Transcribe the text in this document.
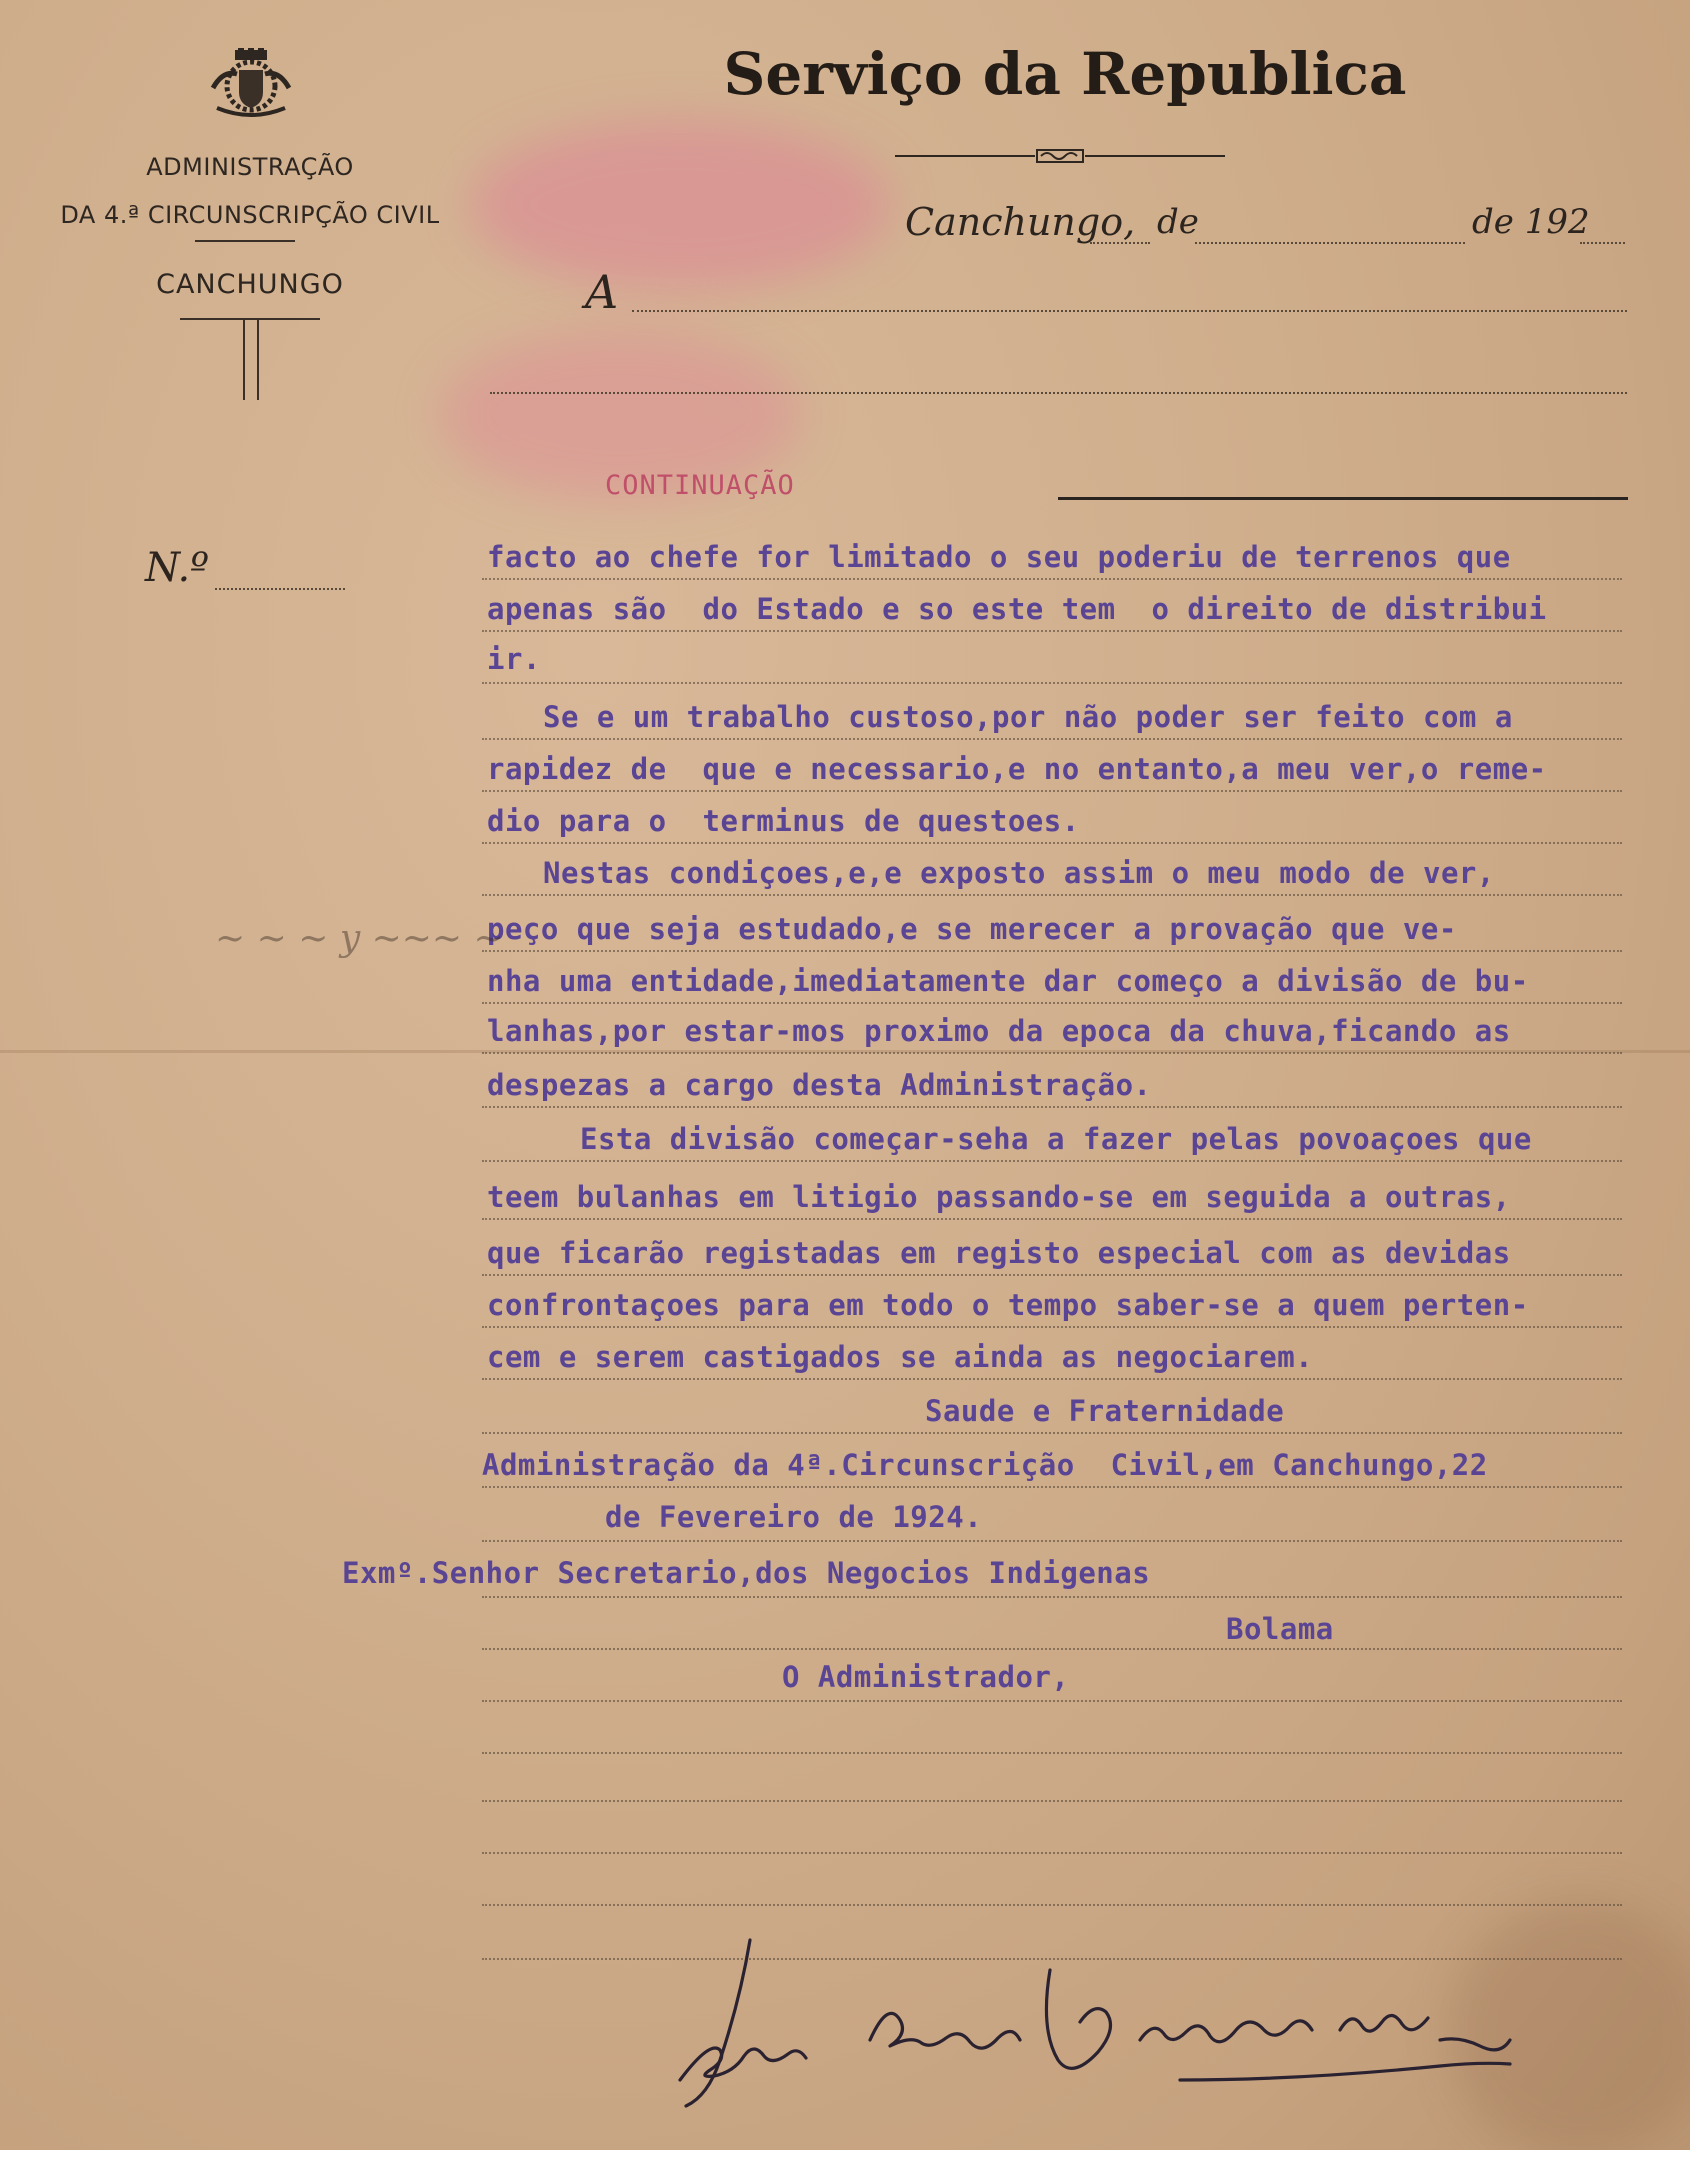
ADMINISTRAÇÃO
DA 4.ª CIRCUNSCRIPÇÃO CIVIL
CANCHUNGO
Serviço da Republica
Canchungo, de	de 192
A
CONTINUAÇÃO
N.º	facto ao chefe for limitado o seu poderiu de terrenos que
apenas são  do Estado e so este tem  o direito de distribui
ir.
Se e um trabalho custoso,por não poder ser feito com a
rapidez de  que e necessario,e no entanto,a meu ver,o reme-
dio para o  terminus de questoes.
Nestas condiçoes,e,e exposto assim o meu modo de ver,
peço que seja estudado,e se merecer a provação que ve-
nha uma entidade,imediatamente dar começo a divisão de bu-
lanhas,por estar-mos proximo da epoca da chuva,ficando as
despezas a cargo desta Administração.
Esta divisão começar-seha a fazer pelas povoaçoes que
teem bulanhas em litigio passando-se em seguida a outras,
que ficarão registadas em registo especial com as devidas
confrontaçoes para em todo o tempo saber-se a quem perten-
cem e serem castigados se ainda as negociarem.
Saude e Fraternidade
Administração da 4ª.Circunscrição  Civil,em Canchungo,22
de Fevereiro de 1924.
Exmº.Senhor Secretario,dos Negocios Indigenas
Bolama
O Administrador,
~ ~ ~ y ~~~ ~
